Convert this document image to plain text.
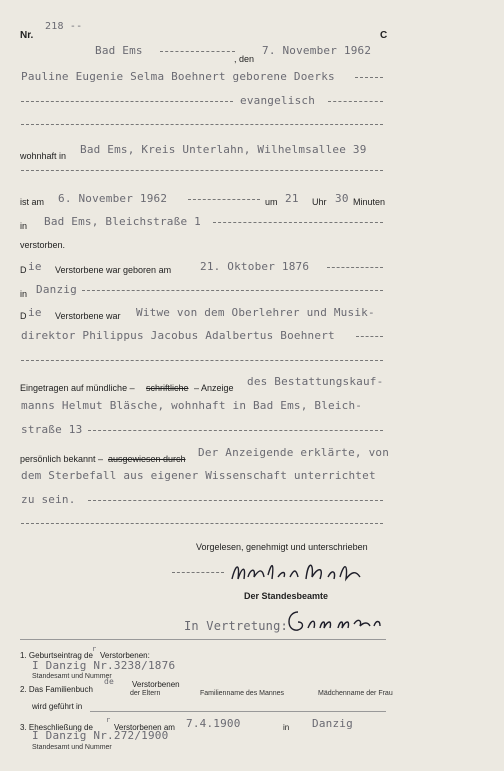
Nr.
218 --
C
Bad Ems
, den
7. November 1962
Pauline Eugenie Selma Boehnert geborene Doerks
evangelisch
wohnhaft in Bad Ems, Kreis Unterlahn, Wilhelmsallee 39
ist am 6. November 1962	um 21 Uhr 30 Minuten
in Bad Ems, Bleichstraße 1
verstorben.
D ie Verstorbene war geboren am	21. Oktober 1876
in Danzig
D ie Verstorbene war Witwe von dem Oberlehrer und Musik-
direktor Philippus Jacobus Adalbertus Boehnert
Eingetragen auf mündliche – schriftliche – Anzeige des Bestattungskauf-
manns Helmut Bläsche, wohnhaft in Bad Ems, Bleich-
straße 13
persönlich bekannt – ausgewiesen durch Der Anzeigende erklärte, von
dem Sterbefall aus eigener Wissenschaft unterrichtet
zu sein.
Vorgelesen, genehmigt und unterschrieben
Der Standesbeamte
In Vertretung:
1. Geburtseintrag de
r
Verstorbenen:
I Danzig Nr.3238/1876
Standesamt und Nummer
2. Das Familienbuch
de Verstorbenen
der Eltern	Familienname des Mannes	Mädchenname der Frau
wird geführt in
3. Eheschließung de
r
Verstorbenen am 7.4.1900	in Danzig
I Danzig Nr.272/1900
Standesamt und Nummer
